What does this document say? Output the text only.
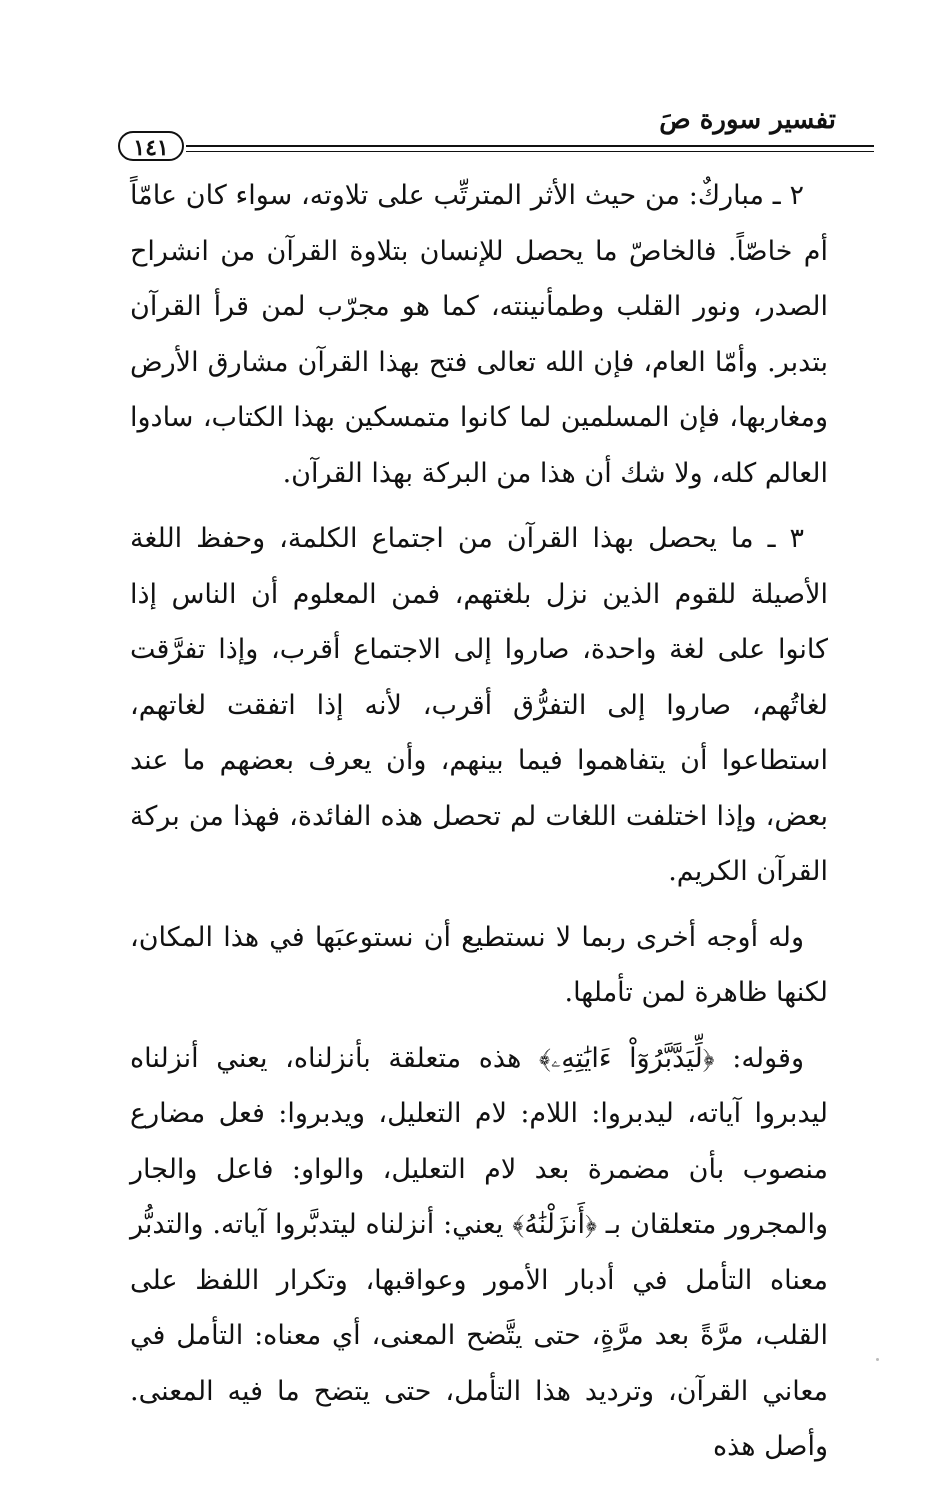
تفسير سورة صَ
١٤١

٢ ـ مباركٌ: من حيث الأثر المترتِّب على تلاوته، سواء كان عامّاً أم خاصّاً. فالخاصّ ما يحصل للإنسان بتلاوة القرآن من انشراح الصدر، ونور القلب وطمأنينته، كما هو مجرّب لمن قرأ القرآن بتدبر. وأمّا العام، فإن الله تعالى فتح بهذا القرآن مشارق الأرض ومغاربها، فإن المسلمين لما كانوا متمسكين بهذا الكتاب، سادوا العالم كله، ولا شك أن هذا من البركة بهذا القرآن.

٣ ـ ما يحصل بهذا القرآن من اجتماع الكلمة، وحفظ اللغة الأصيلة للقوم الذين نزل بلغتهم، فمن المعلوم أن الناس إذا كانوا على لغة واحدة، صاروا إلى الاجتماع أقرب، وإذا تفرَّقت لغاتُهم، صاروا إلى التفرُّق أقرب، لأنه إذا اتفقت لغاتهم، استطاعوا أن يتفاهموا فيما بينهم، وأن يعرف بعضهم ما عند بعض، وإذا اختلفت اللغات لم تحصل هذه الفائدة، فهذا من بركة القرآن الكريم.

وله أوجه أخرى ربما لا نستطيع أن نستوعبَها في هذا المكان، لكنها ظاهرة لمن تأملها.

وقوله: ﴿لِّيَدَّبَّرُوٓاْ ءَايَٰتِهِۦ﴾ هذه متعلقة بأنزلناه، يعني أنزلناه ليدبروا آياته، ليدبروا: اللام: لام التعليل، ويدبروا: فعل مضارع منصوب بأن مضمرة بعد لام التعليل، والواو: فاعل والجار والمجرور متعلقان بـ ﴿أَنزَلْنَٰهُ﴾ يعني: أنزلناه ليتدبَّروا آياته. والتدبُّر معناه التأمل في أدبار الأمور وعواقبها، وتكرار اللفظ على القلب، مرَّةً بعد مرَّةٍ، حتى يتَّضح المعنى، أي معناه: التأمل في معاني القرآن، وترديد هذا التأمل، حتى يتضح ما فيه المعنى. وأصل هذه
